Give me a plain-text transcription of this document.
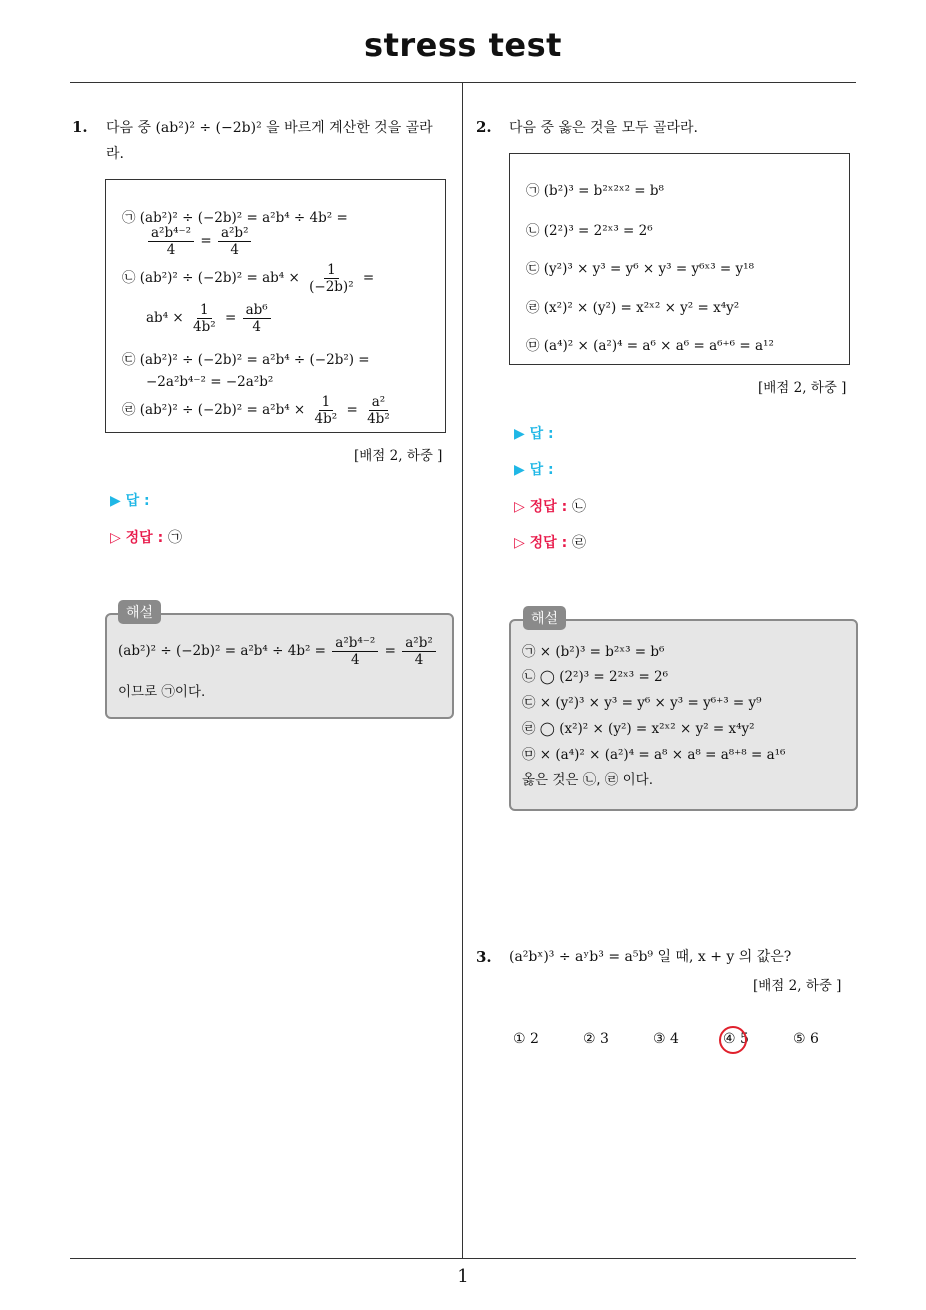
stress test
1. 다음 중 (ab²)² ÷ (−2b)² 을 바르게 계산한 것을 골라
라.
㉠ (ab²)² ÷ (−2b)² = a²b⁴ ÷ 4b² =
$\frac{\text{a²b⁴⁻²}}{4} = \frac{\text{a²b²}}{4}$
㉡ $(ab^2)^2 \div (-2b)^2 = ab^4 \times \frac{1}{\text{(−2b)²}}$ =
$ab^4 \times \frac{1}{\text{4b²}} = \frac{\text{ab⁶}}{4}$
㉢ (ab²)² ÷ (−2b)² = a²b⁴ ÷ (−2b²) =
−2a²b⁴⁻² = −2a²b²
㉣ $(ab^2)^2 \div (-2b)^2 = a^2b^4 \times \frac{1}{\text{4b²}} = \frac{\text{a²}}{\text{4b²}}$
[배점 2, 하중 ]
▶ 답 :
▷ 정답 : ㉠
해설
$(ab^2)^2 \div (-2b)^2 = a^2b^4 \div 4b^2 = \frac{\text{a²b⁴⁻²}}{4} = \frac{\text{a²b²}}{4}$
이므로 ㉠이다.
2. 다음 중 옳은 것을 모두 골라라.
㉠ (b²)³ = b²ˣ²ˣ² = b⁸
㉡ (2²)³ = 2²ˣ³ = 2⁶
㉢ (y²)³ × y³ = y⁶ × y³ = y⁶ˣ³ = y¹⁸
㉣ (x²)² × (y²) = x²ˣ² × y² = x⁴y²
㉤ (a⁴)² × (a²)⁴ = a⁶ × a⁶ = a⁶⁺⁶ = a¹²
[배점 2, 하중 ]
▶ 답 :
▶ 답 :
▷ 정답 : ㉡
▷ 정답 : ㉣
해설
㉠ × (b²)³ = b²ˣ³ = b⁶
㉡ ◯ (2²)³ = 2²ˣ³ = 2⁶
㉢ × (y²)³ × y³ = y⁶ × y³ = y⁶⁺³ = y⁹
㉣ ◯ (x²)² × (y²) = x²ˣ² × y² = x⁴y²
㉤ × (a⁴)² × (a²)⁴ = a⁸ × a⁸ = a⁸⁺⁸ = a¹⁶
옳은 것은 ㉡, ㉣ 이다.
3. (a²bˣ)³ ÷ aʸb³ = a⁵b⁹ 일 때, x + y 의 값은?
[배점 2, 하중 ]
① 2	② 3	③ 4	④ 5	⑤ 6
1
